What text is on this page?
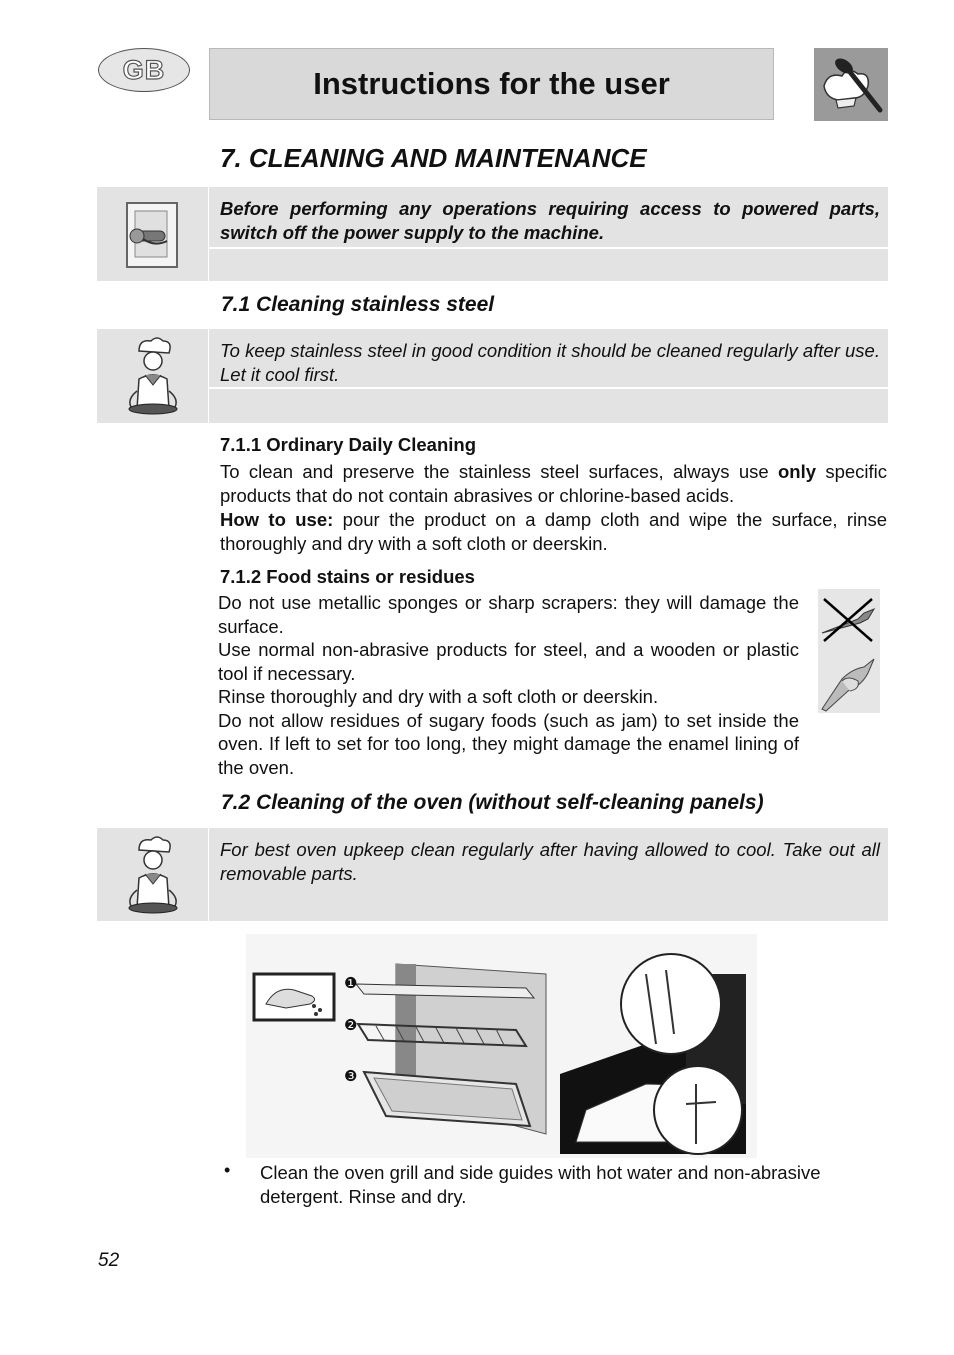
GB	Instructions for the user
7. CLEANING AND MAINTENANCE
Before performing any operations requiring access to powered parts, switch off the power supply to the machine.
7.1 Cleaning stainless steel
To keep stainless steel in good condition it should be cleaned regularly after use. Let it cool first.
7.1.1 Ordinary Daily Cleaning
To clean and preserve the stainless steel surfaces, always use only specific products that do not contain abrasives or chlorine-based acids.
How to use: pour the product on a damp cloth and wipe the surface, rinse thoroughly and dry with a soft cloth or deerskin.
7.1.2 Food stains or residues
Do not use metallic sponges or sharp scrapers: they will damage the surface.
Use normal non-abrasive products for steel, and a wooden or plastic tool if necessary.
Rinse thoroughly and dry with a soft cloth or deerskin.
Do not allow residues of sugary foods (such as jam) to set inside the oven. If left to set for too long, they might damage the enamel lining of the oven.
7.2 Cleaning of the oven (without self-cleaning panels)
For best oven upkeep clean regularly after having allowed to cool. Take out all removable parts.
❶
❷
❸
• Clean the oven grill and side guides with hot water and non-abrasive detergent. Rinse and dry.
52
